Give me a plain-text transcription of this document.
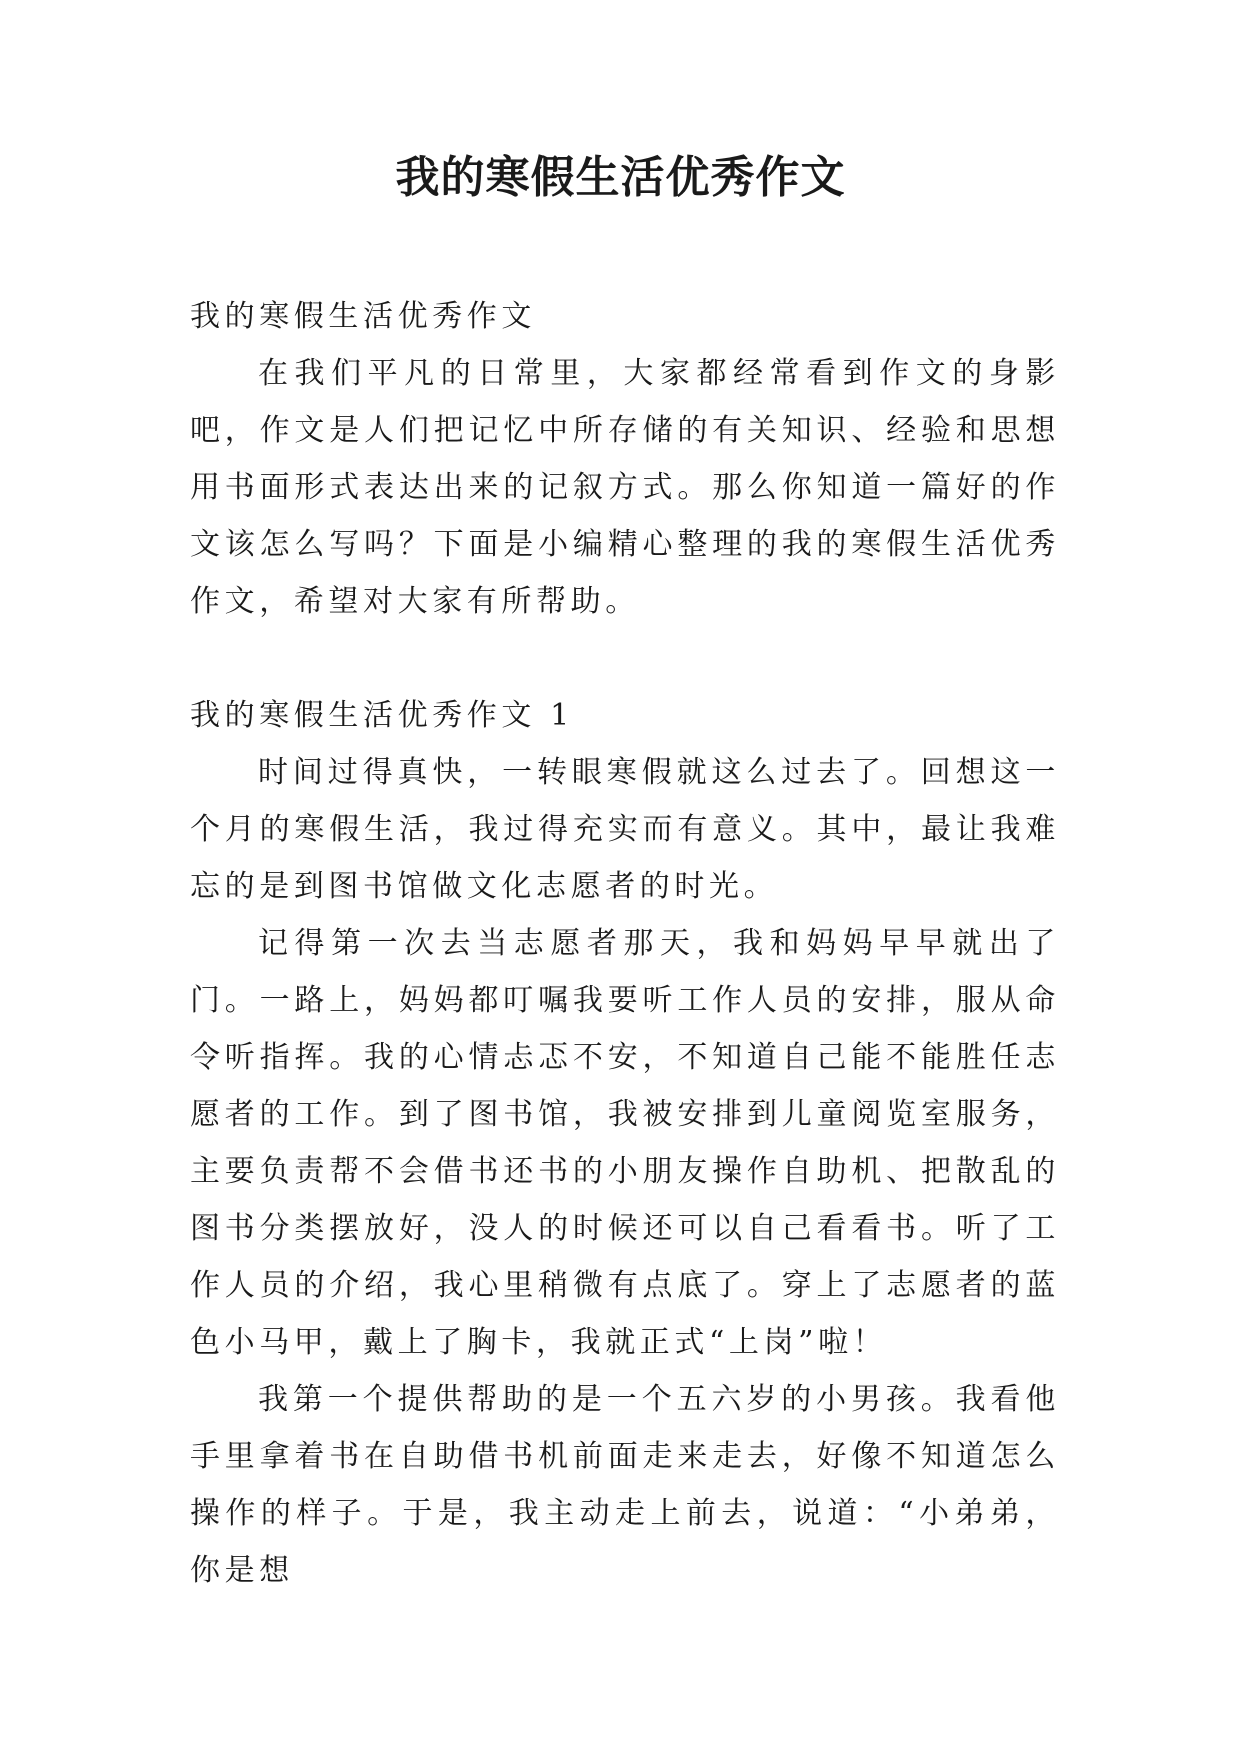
我的寒假生活优秀作文

我的寒假生活优秀作文

在我们平凡的日常里，大家都经常看到作文的身影吧，作文是人们把记忆中所存储的有关知识、经验和思想用书面形式表达出来的记叙方式。那么你知道一篇好的作文该怎么写吗？下面是小编精心整理的我的寒假生活优秀作文，希望对大家有所帮助。

我的寒假生活优秀作文 1

时间过得真快，一转眼寒假就这么过去了。回想这一个月的寒假生活，我过得充实而有意义。其中，最让我难忘的是到图书馆做文化志愿者的时光。

记得第一次去当志愿者那天，我和妈妈早早就出了门。一路上，妈妈都叮嘱我要听工作人员的安排，服从命令听指挥。我的心情忐忑不安，不知道自己能不能胜任志愿者的工作。到了图书馆，我被安排到儿童阅览室服务，主要负责帮不会借书还书的小朋友操作自助机、把散乱的图书分类摆放好，没人的时候还可以自己看看书。听了工作人员的介绍，我心里稍微有点底了。穿上了志愿者的蓝色小马甲，戴上了胸卡，我就正式“上岗”啦！

我第一个提供帮助的是一个五六岁的小男孩。我看他手里拿着书在自助借书机前面走来走去，好像不知道怎么操作的样子。于是，我主动走上前去，说道：“小弟弟，你是想
